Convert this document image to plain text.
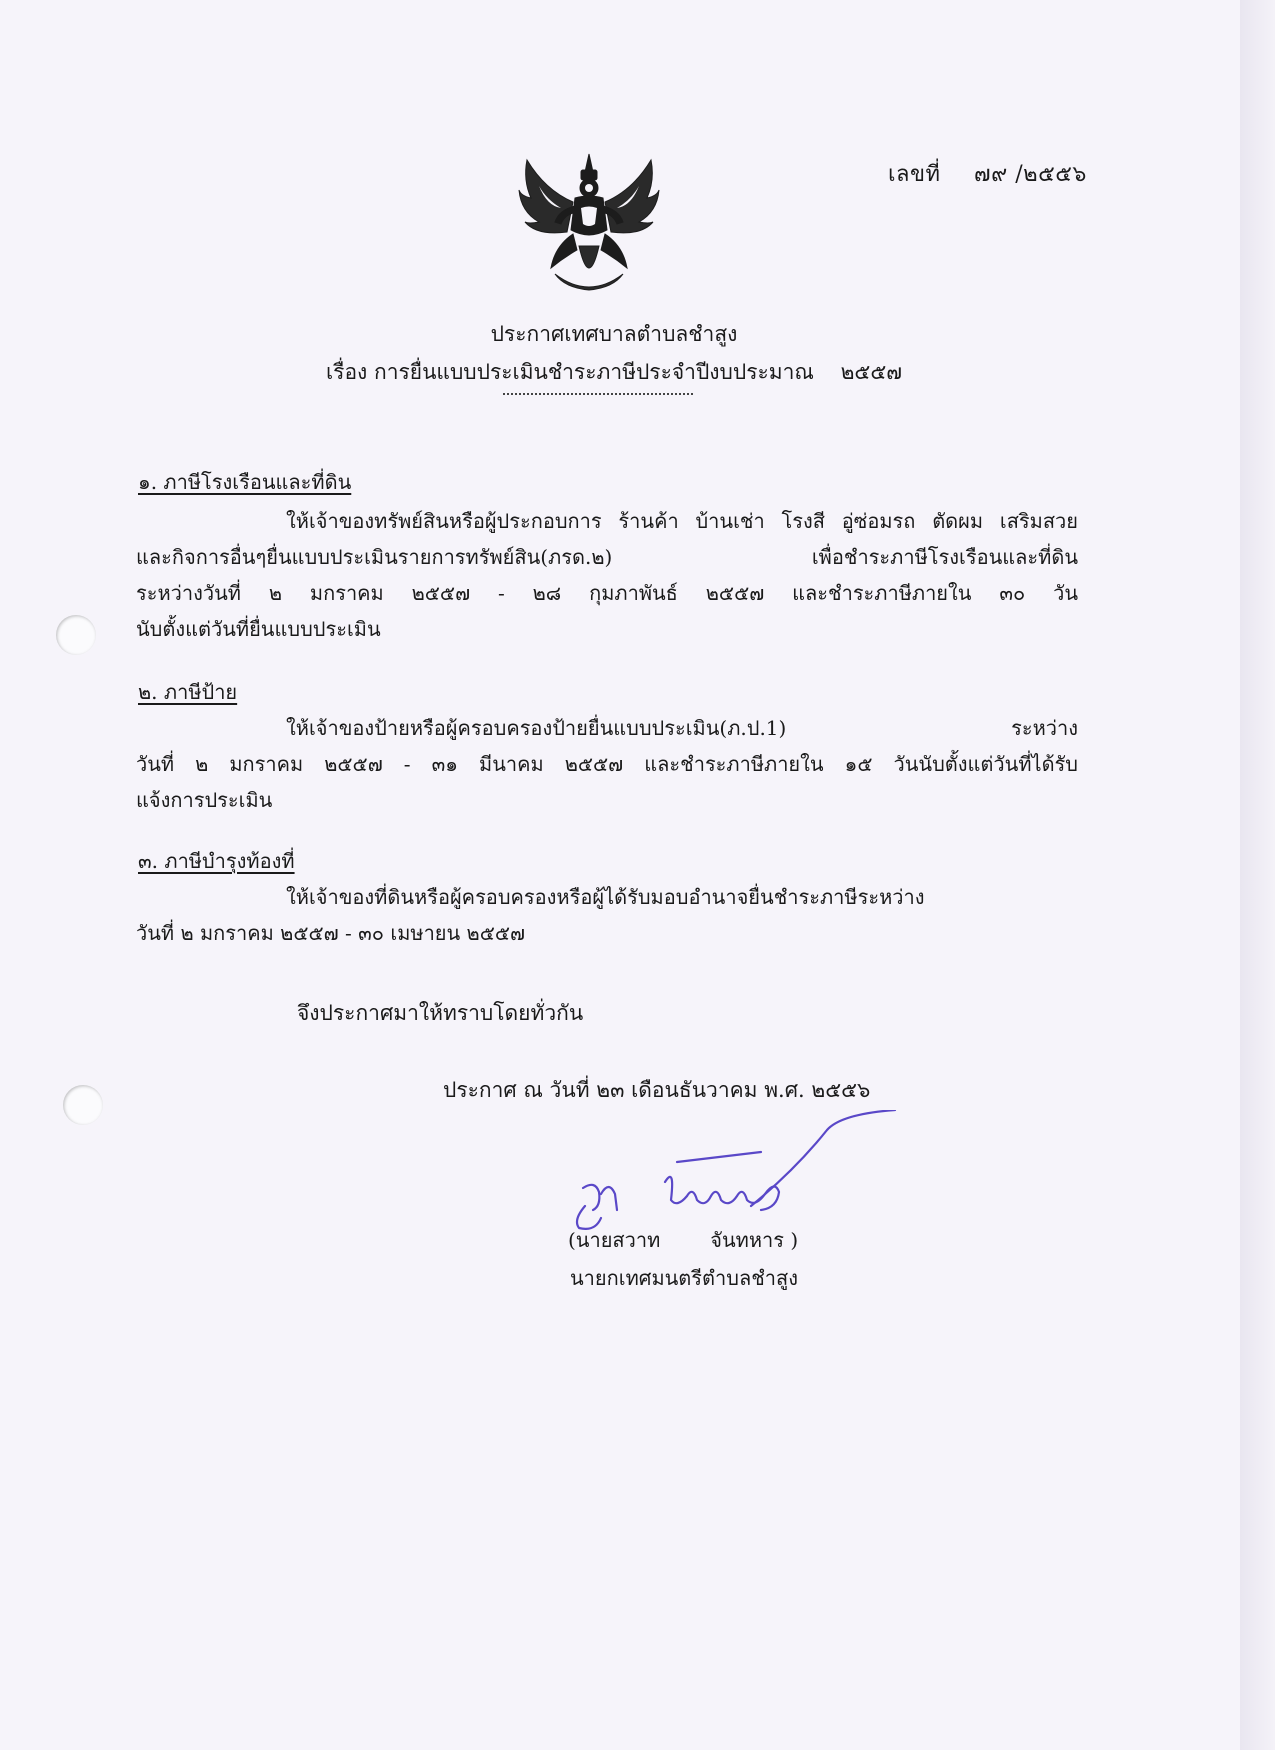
เลขที่ ๗๙ /๒๕๕๖
ประกาศเทศบาลตำบลชำสูง
เรื่อง การยื่นแบบประเมินชำระภาษีประจำปีงบประมาณ ๒๕๕๗
๑. ภาษีโรงเรือนและที่ดิน
ให้เจ้าของทรัพย์สินหรือผู้ประกอบการ ร้านค้า บ้านเช่า โรงสี อู่ซ่อมรถ ตัดผม เสริมสวย
และกิจการอื่นๆยื่นแบบประเมินรายการทรัพย์สิน(ภรด.๒) เพื่อชำระภาษีโรงเรือนและที่ดิน
ระหว่างวันที่ ๒ มกราคม ๒๕๕๗ - ๒๘ กุมภาพันธ์ ๒๕๕๗ และชำระภาษีภายใน ๓๐ วัน
นับตั้งแต่วันที่ยื่นแบบประเมิน
๒. ภาษีป้าย
ให้เจ้าของป้ายหรือผู้ครอบครองป้ายยื่นแบบประเมิน(ภ.ป.1) ระหว่าง
วันที่ ๒ มกราคม ๒๕๕๗ - ๓๑ มีนาคม ๒๕๕๗ และชำระภาษีภายใน ๑๕ วันนับตั้งแต่วันที่ได้รับ
แจ้งการประเมิน
๓. ภาษีบำรุงท้องที่
ให้เจ้าของที่ดินหรือผู้ครอบครองหรือผู้ได้รับมอบอำนาจยื่นชำระภาษีระหว่าง
วันที่ ๒ มกราคม ๒๕๕๗ - ๓๐ เมษายน ๒๕๕๗
จึงประกาศมาให้ทราบโดยทั่วกัน
ประกาศ ณ วันที่ ๒๓ เดือนธันวาคม พ.ศ. ๒๕๕๖
(นายสวาท	จันทหาร )
นายกเทศมนตรีตำบลชำสูง
